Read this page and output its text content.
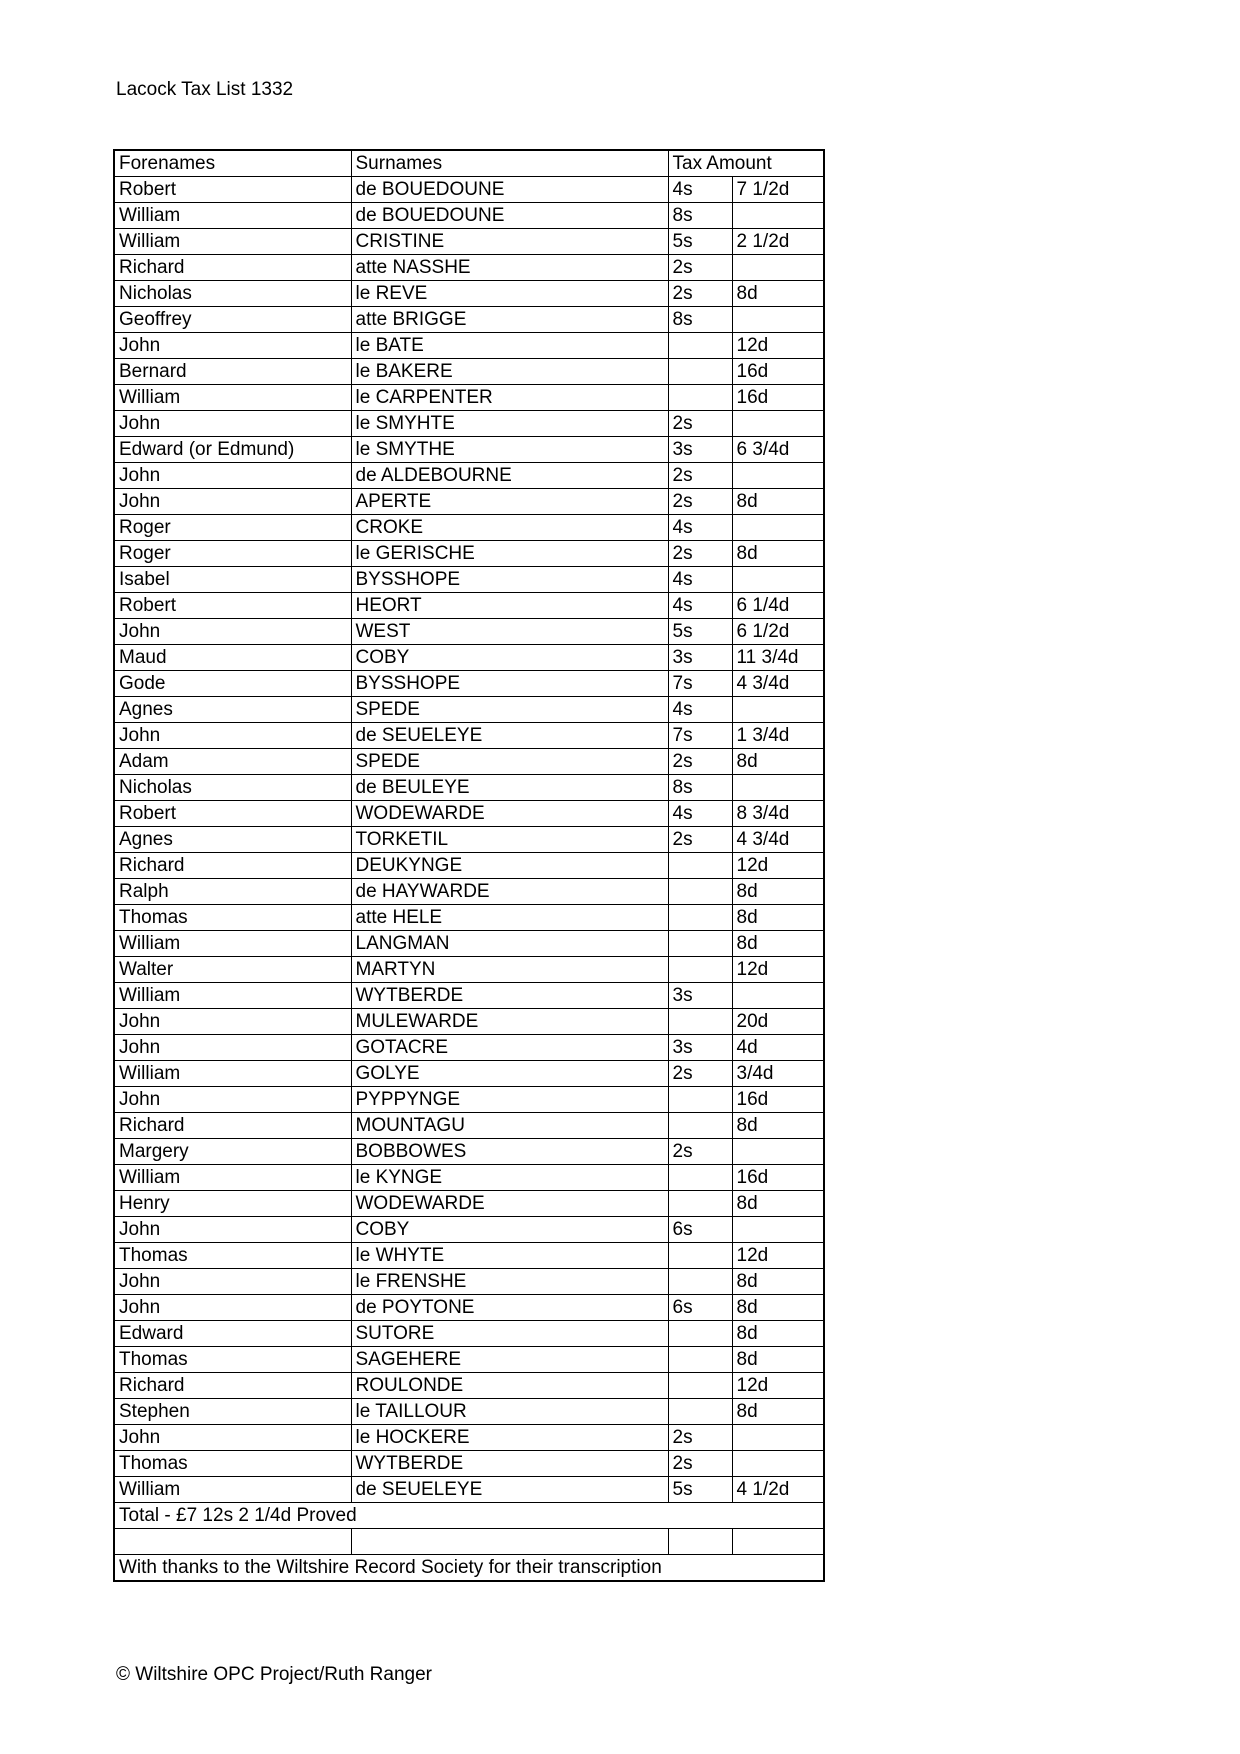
Lacock Tax List 1332
Forenames	Surnames	Tax Amount	
Robert	de BOUEDOUNE	4s	7 1/2d
William	de BOUEDOUNE	8s	
William	CRISTINE	5s	2 1/2d
Richard	atte NASSHE	2s	
Nicholas	le REVE	2s	8d
Geoffrey	atte BRIGGE	8s	
John	le BATE		12d
Bernard	le BAKERE		16d
William	le CARPENTER		16d
John	le SMYHTE	2s	
Edward (or Edmund)	le SMYTHE	3s	6 3/4d
John	de ALDEBOURNE	2s	
John	APERTE	2s	8d
Roger	CROKE	4s	
Roger	le GERISCHE	2s	8d
Isabel	BYSSHOPE	4s	
Robert	HEORT	4s	6 1/4d
John	WEST	5s	6 1/2d
Maud	COBY	3s	11 3/4d
Gode	BYSSHOPE	7s	4 3/4d
Agnes	SPEDE	4s	
John	de SEUELEYE	7s	1 3/4d
Adam	SPEDE	2s	8d
Nicholas	de BEULEYE	8s	
Robert	WODEWARDE	4s	8 3/4d
Agnes	TORKETIL	2s	4 3/4d
Richard	DEUKYNGE		12d
Ralph	de HAYWARDE		8d
Thomas	atte HELE		8d
William	LANGMAN		8d
Walter	MARTYN		12d
William	WYTBERDE	3s	
John	MULEWARDE		20d
John	GOTACRE	3s	4d
William	GOLYE	2s	3/4d
John	PYPPYNGE		16d
Richard	MOUNTAGU		8d
Margery	BOBBOWES	2s	
William	le KYNGE		16d
Henry	WODEWARDE		8d
John	COBY	6s	
Thomas	le WHYTE		12d
John	le FRENSHE		8d
John	de POYTONE	6s	8d
Edward	SUTORE		8d
Thomas	SAGEHERE		8d
Richard	ROULONDE		12d
Stephen	le TAILLOUR		8d
John	le HOCKERE	2s	
Thomas	WYTBERDE	2s	
William	de SEUELEYE	5s	4 1/2d
Total - £7 12s 2 1/4d Proved			

With thanks to the Wiltshire Record Society for their transcription			
© Wiltshire OPC Project/Ruth Ranger
